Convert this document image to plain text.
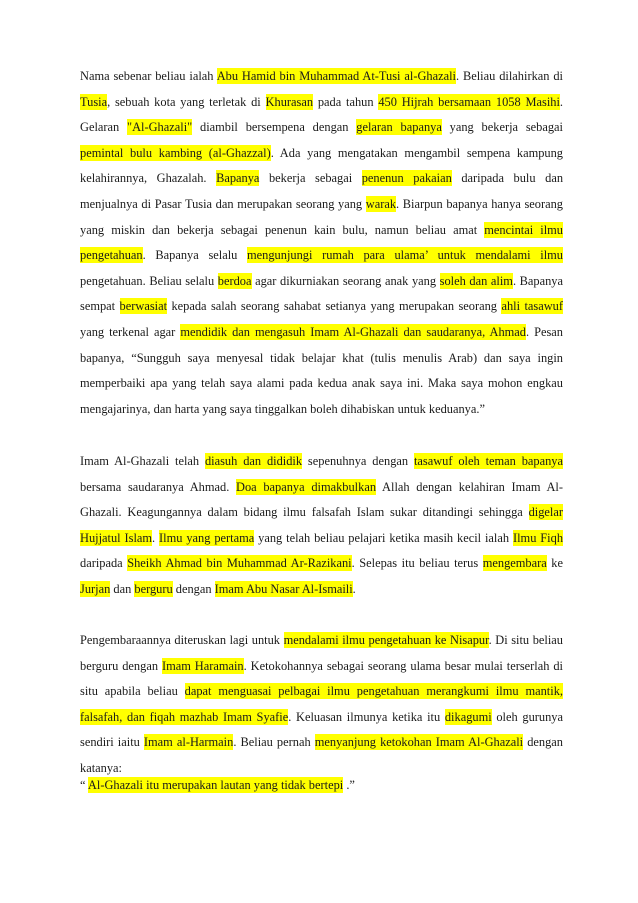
Nama sebenar beliau ialah Abu Hamid bin Muhammad At-Tusi al-Ghazali. Beliau dilahirkan di Tusia, sebuah kota yang terletak di Khurasan pada tahun 450 Hijrah bersamaan 1058 Masihi. Gelaran "Al-Ghazali" diambil bersempena dengan gelaran bapanya yang bekerja sebagai pemintal bulu kambing (al-Ghazzal). Ada yang mengatakan mengambil sempena kampung kelahirannya, Ghazalah. Bapanya bekerja sebagai penenun pakaian daripada bulu dan menjualnya di Pasar Tusia dan merupakan seorang yang warak. Biarpun bapanya hanya seorang yang miskin dan bekerja sebagai penenun kain bulu, namun beliau amat mencintai ilmu pengetahuan. Bapanya selalu mengunjungi rumah para ulama’ untuk mendalami ilmu pengetahuan. Beliau selalu berdoa agar dikurniakan seorang anak yang soleh dan alim. Bapanya sempat berwasiat kepada salah seorang sahabat setianya yang merupakan seorang ahli tasawuf yang terkenal agar mendidik dan mengasuh Imam Al-Ghazali dan saudaranya, Ahmad. Pesan bapanya, “Sungguh saya menyesal tidak belajar khat (tulis menulis Arab) dan saya ingin memperbaiki apa yang telah saya alami pada kedua anak saya ini. Maka saya mohon engkau mengajarinya, dan harta yang saya tinggalkan boleh dihabiskan untuk keduanya.”

Imam Al-Ghazali telah diasuh dan dididik sepenuhnya dengan tasawuf oleh teman bapanya bersama saudaranya Ahmad. Doa bapanya dimakbulkan Allah dengan kelahiran Imam Al-Ghazali. Keagungannya dalam bidang ilmu falsafah Islam sukar ditandingi sehingga digelar Hujjatul Islam. Ilmu yang pertama yang telah beliau pelajari ketika masih kecil ialah Ilmu Fiqh daripada Sheikh Ahmad bin Muhammad Ar-Razikani. Selepas itu beliau terus mengembara ke Jurjan dan berguru dengan Imam Abu Nasar Al-Ismaili.

Pengembaraannya diteruskan lagi untuk mendalami ilmu pengetahuan ke Nisapur. Di situ beliau berguru dengan Imam Haramain. Ketokohannya sebagai seorang ulama besar mulai terserlah di situ apabila beliau dapat menguasai pelbagai ilmu pengetahuan merangkumi ilmu mantik, falsafah, dan fiqah mazhab Imam Syafie. Keluasan ilmunya ketika itu dikagumi oleh gurunya sendiri iaitu Imam al-Harmain. Beliau pernah menyanjung ketokohan Imam Al-Ghazali dengan katanya:

“ Al-Ghazali itu merupakan lautan yang tidak bertepi .”
